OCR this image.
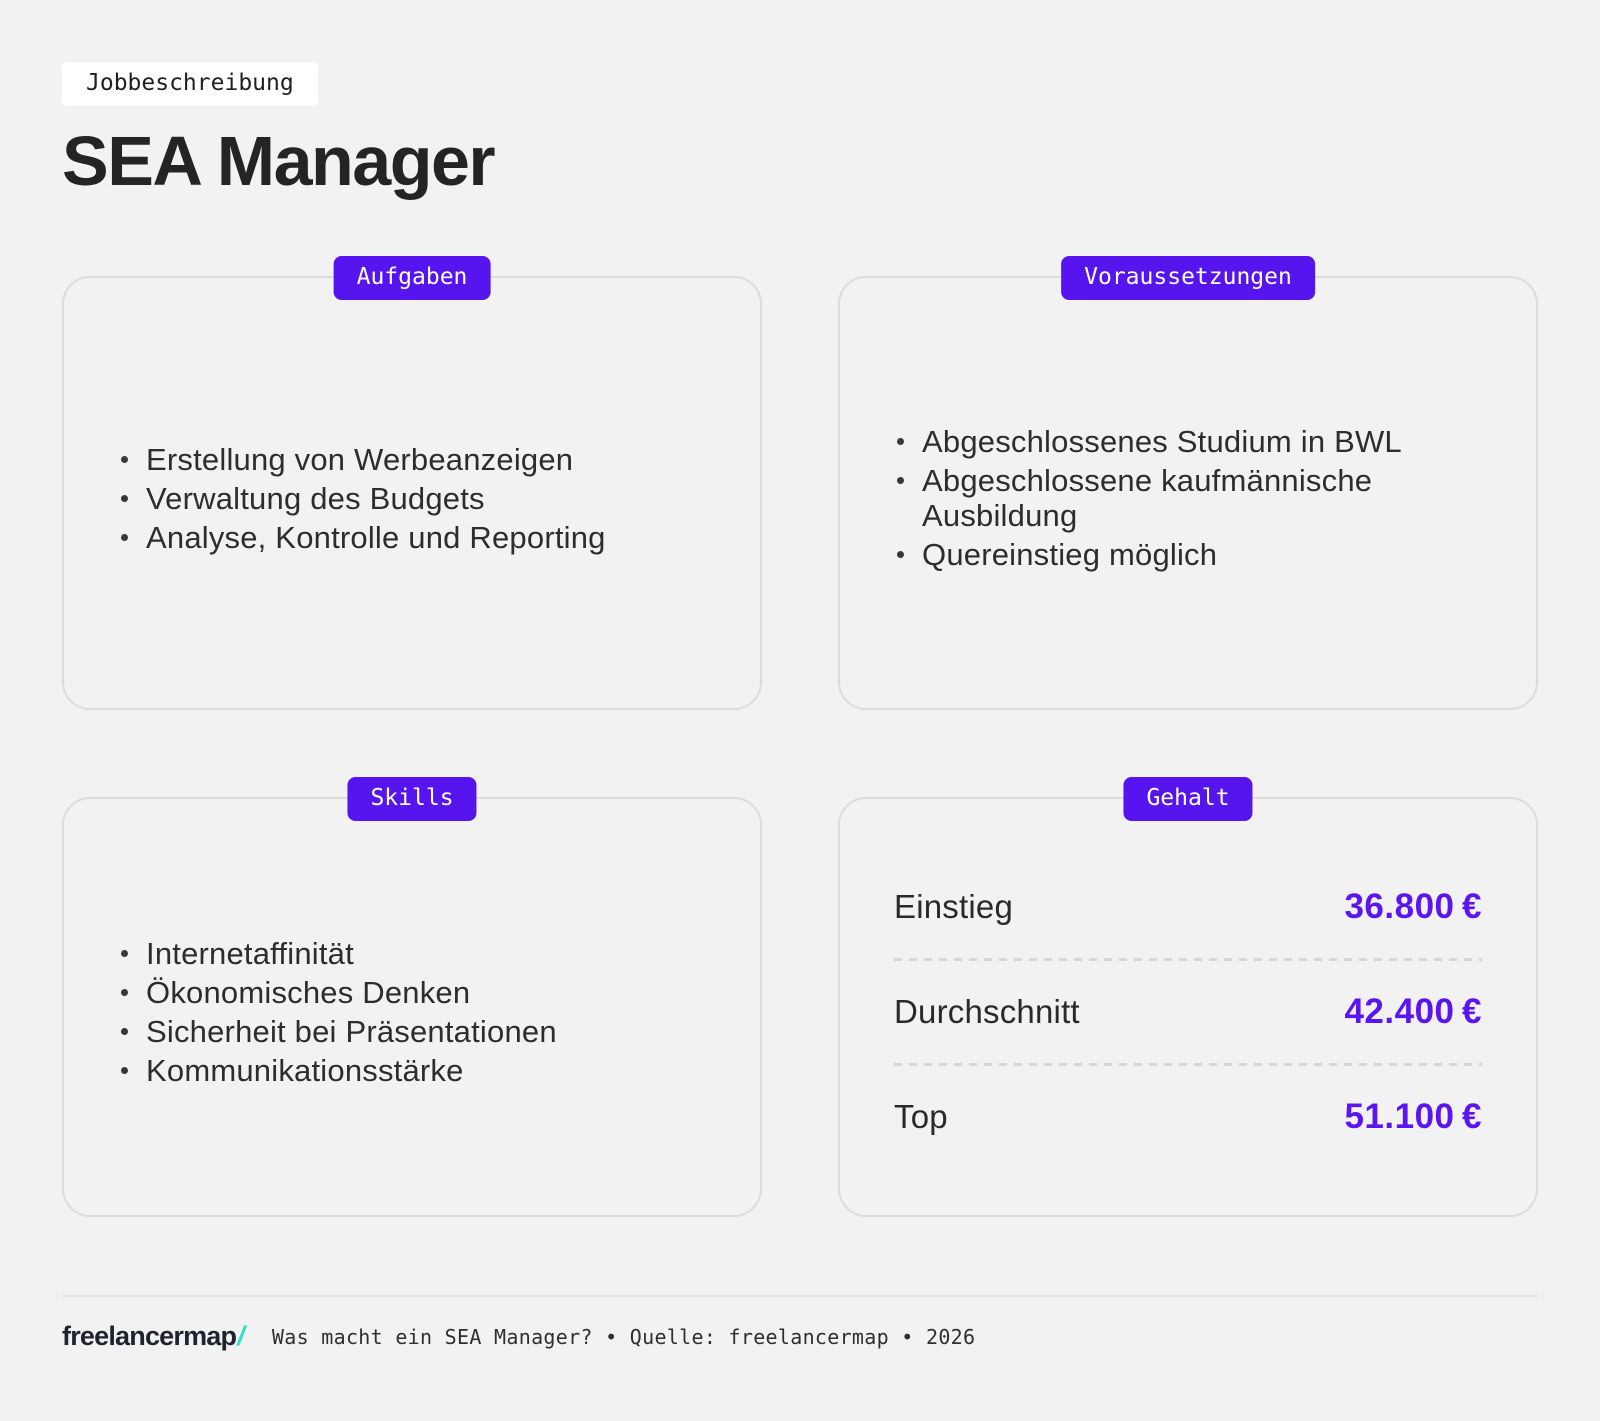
Jobbeschreibung
SEA Manager
Aufgaben
Erstellung von Werbeanzeigen
Verwaltung des Budgets
Analyse, Kontrolle und Reporting
Voraussetzungen
Abgeschlossenes Studium in BWL
Abgeschlossene kaufmännische Ausbildung
Quereinstieg möglich
Skills
Internetaffinität
Ökonomisches Denken
Sicherheit bei Präsentationen
Kommunikationsstärke
Gehalt
Einstieg	36.800 €
Durchschnitt	42.400 €
Top	51.100 €
freelancermap/ Was macht ein SEA Manager? • Quelle: freelancermap • 2026
